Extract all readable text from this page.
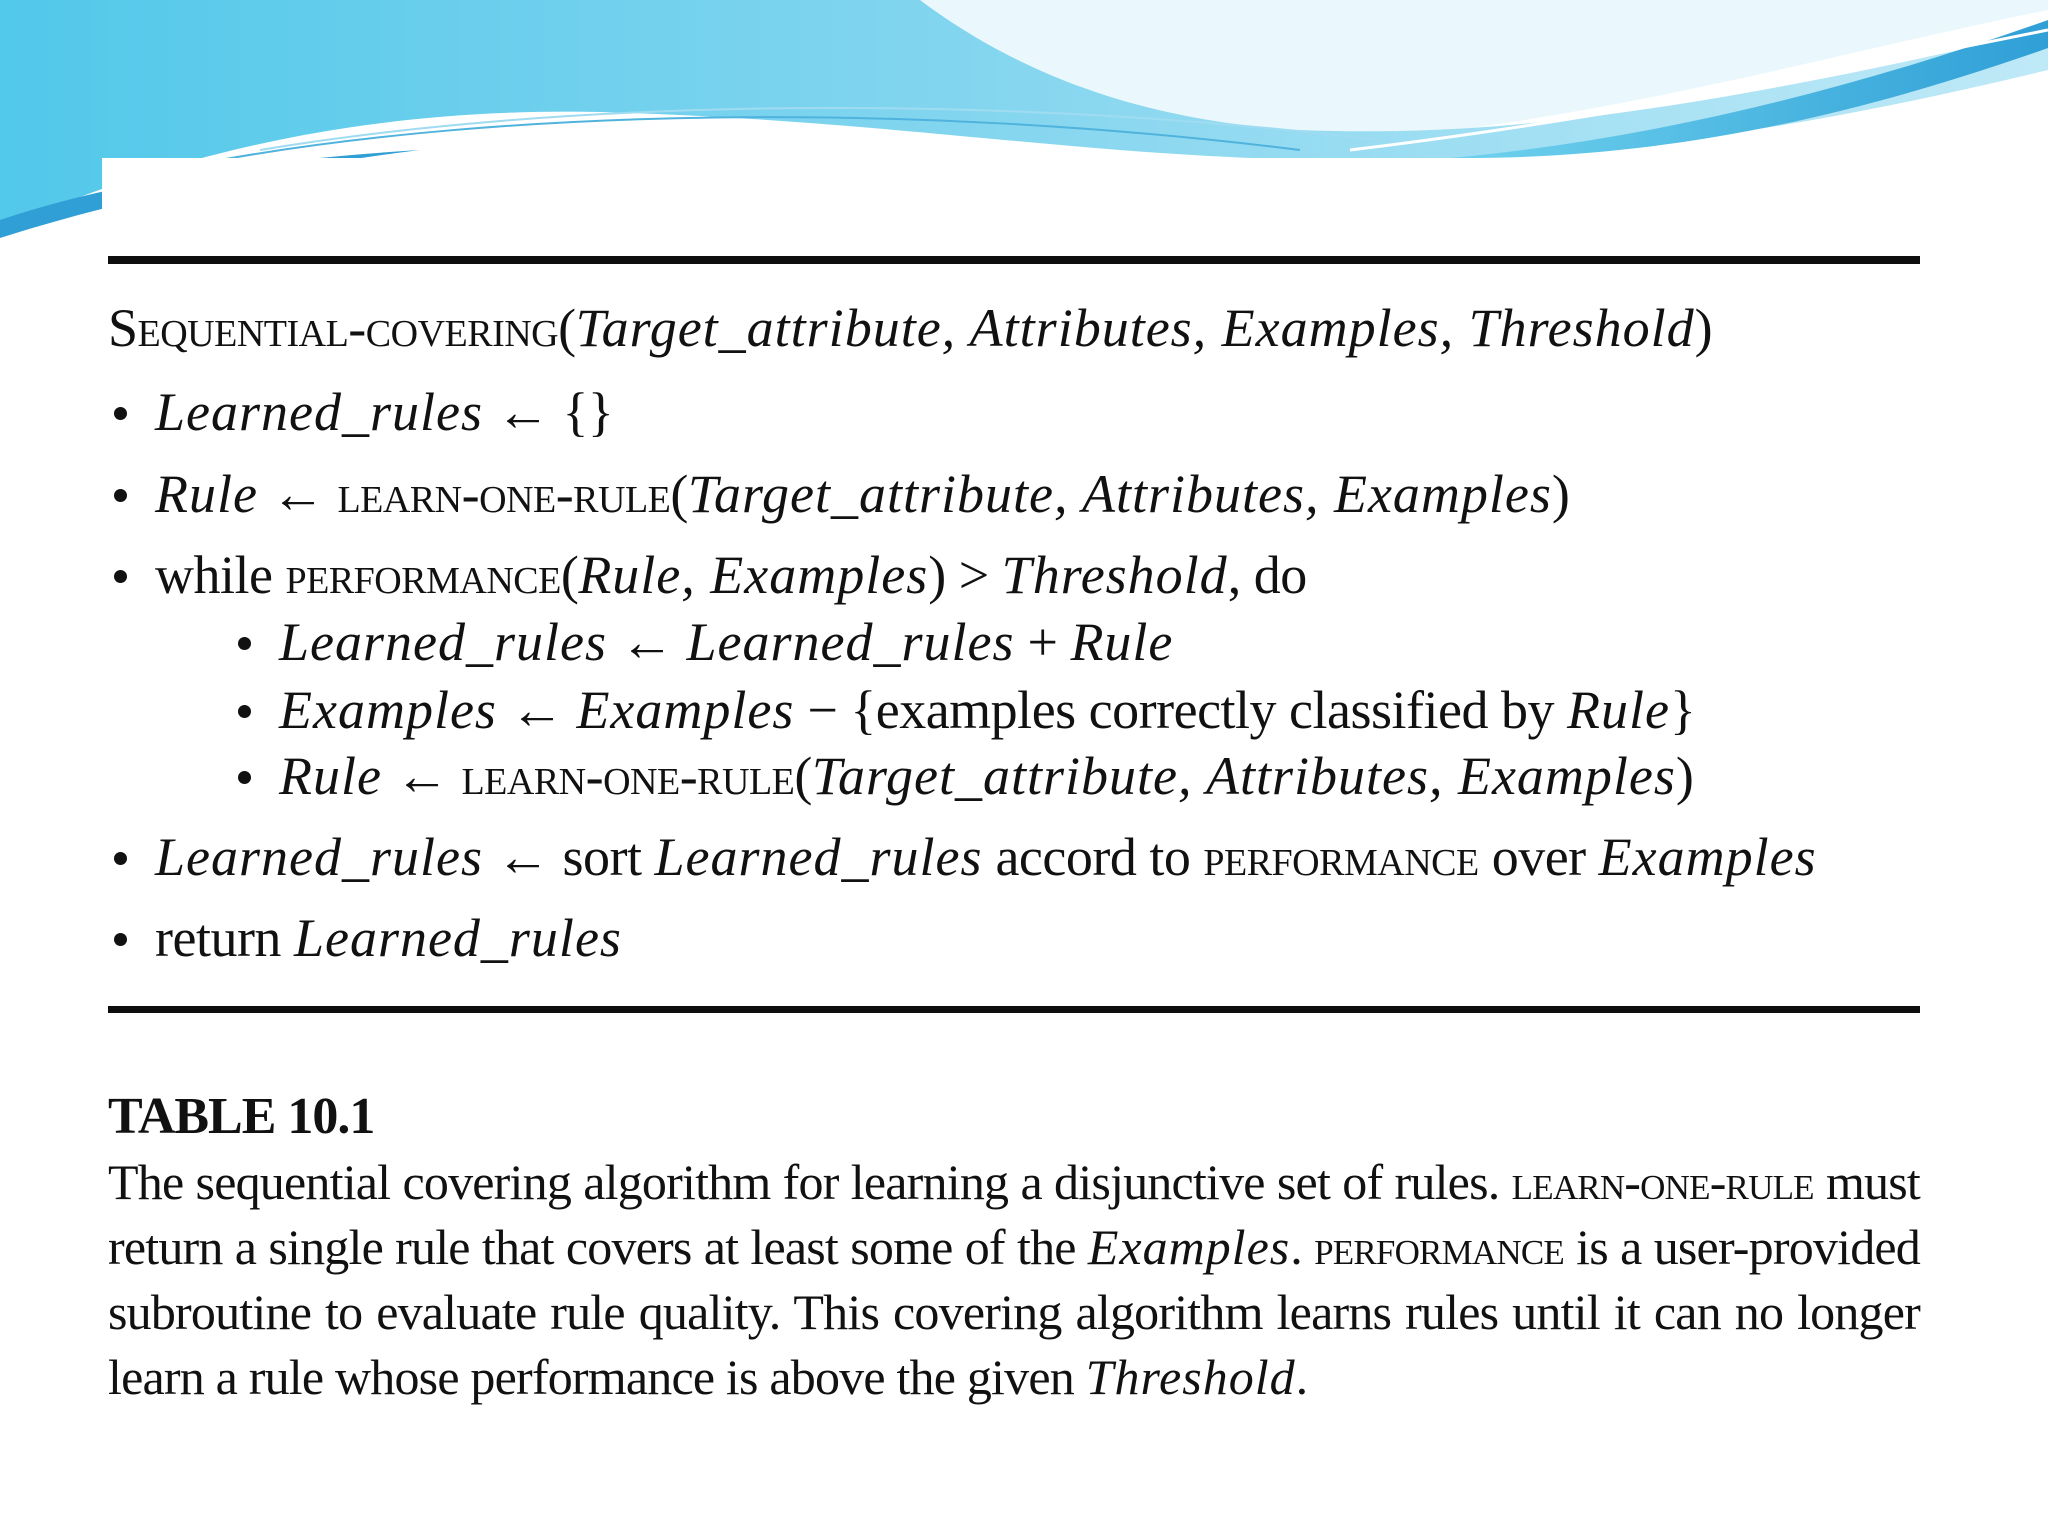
Sequential-covering(Target_attribute, Attributes, Examples, Threshold)
Learned_rules ← {}
Rule ← learn-one-rule(Target_attribute, Attributes, Examples)
while performance(Rule, Examples) > Threshold, do
Learned_rules ← Learned_rules + Rule
Examples ← Examples − {examples correctly classified by Rule}
Rule ← learn-one-rule(Target_attribute, Attributes, Examples)
Learned_rules ← sort Learned_rules accord to performance over Examples
return Learned_rules
TABLE 10.1
The sequential covering algorithm for learning a disjunctive set of rules. learn-one-rule must return a single rule that covers at least some of the Examples. performance is a user-provided subroutine to evaluate rule quality. This covering algorithm learns rules until it can no longer learn a rule whose performance is above the given Threshold.
